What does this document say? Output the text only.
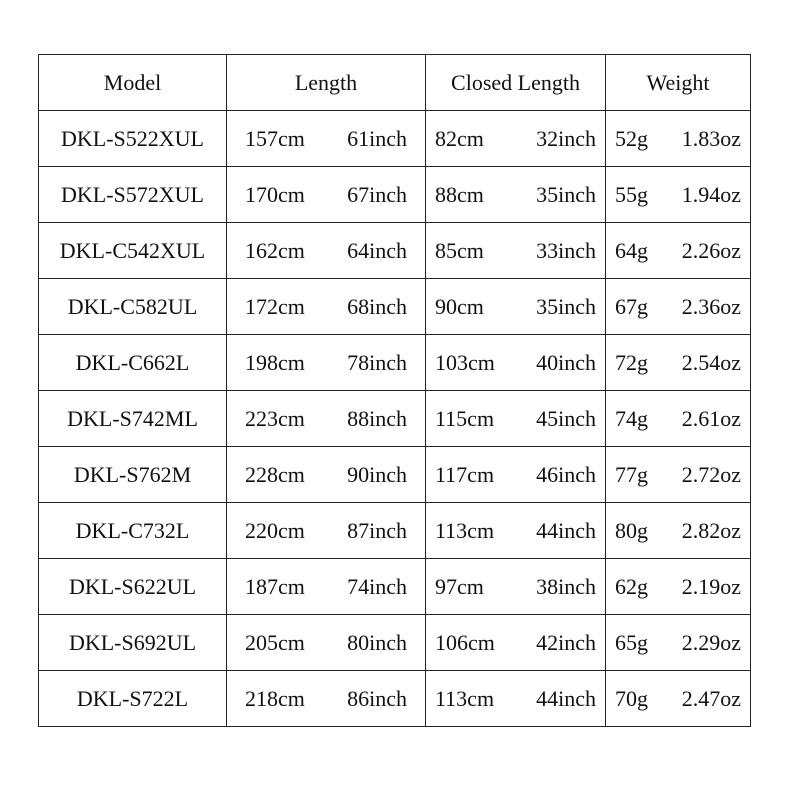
Model	Length	Closed Length	Weight
DKL-S522XUL	157cm 61inch	82cm 32inch	52g 1.83oz

DKL-S572XUL	170cm 67inch	88cm 35inch	55g 1.94oz

DKL-C542XUL	162cm 64inch	85cm 33inch	64g 2.26oz

DKL-C582UL	172cm 68inch	90cm 35inch	67g 2.36oz

DKL-C662L	198cm 78inch	103cm 40inch	72g 2.54oz

DKL-S742ML	223cm 88inch	115cm 45inch	74g 2.61oz

DKL-S762M	228cm 90inch	117cm 46inch	77g 2.72oz

DKL-C732L	220cm 87inch	113cm 44inch	80g 2.82oz

DKL-S622UL	187cm 74inch	97cm 38inch	62g 2.19oz

DKL-S692UL	205cm 80inch	106cm 42inch	65g 2.29oz

DKL-S722L	218cm 86inch	113cm 44inch	70g 2.47oz
